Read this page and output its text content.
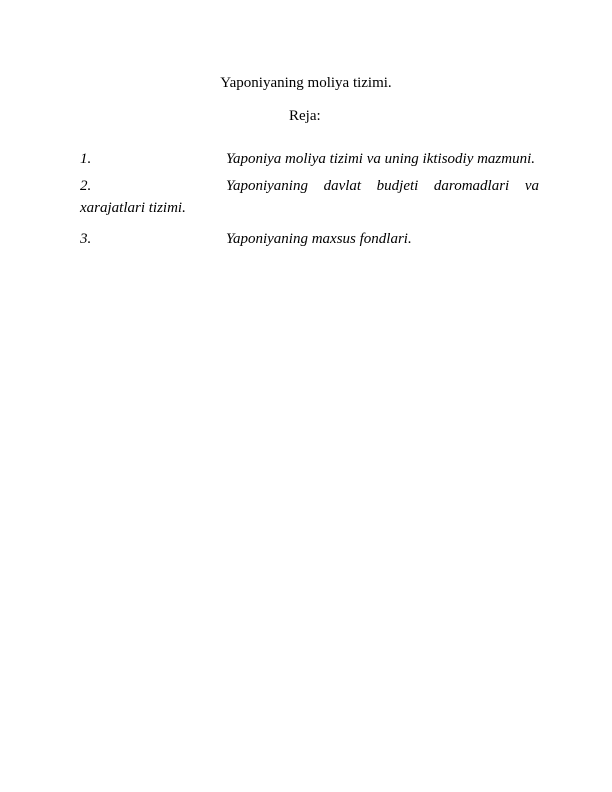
Yaponiyaning moliya tizimi.
Reja:
1.	Yaponiya moliya tizimi va uning iktisodiy mazmuni.
2.	Yaponiyaning davlat budjeti daromadlari va
xarajatlari tizimi.
3.	Yaponiyaning maxsus fondlari.
